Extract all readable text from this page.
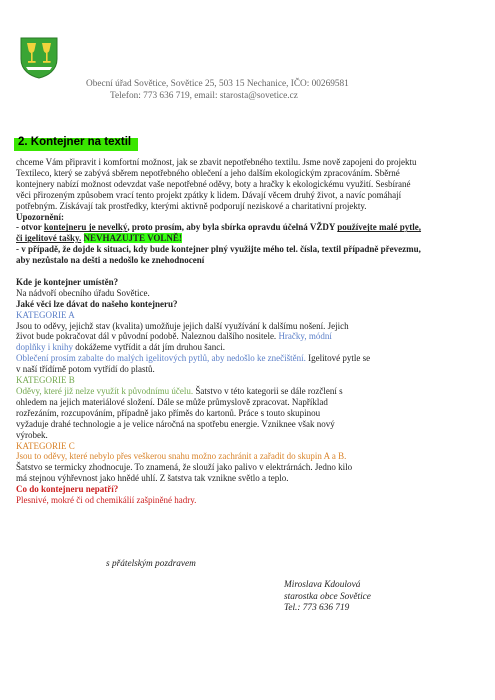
Obecní úřad Sovětice, Sovětice 25, 503 15 Nechanice, IČO: 00269581
Telefon: 773 636 719, email: starosta@sovetice.cz
2. Kontejner na textil
chceme Vám připravit i komfortní možnost, jak se zbavit nepotřebného textilu. Jsme nově zapojeni do projektu
Textileco, který se zabývá sběrem nepotřebného oblečení a jeho dalším ekologickým zpracováním. Sběrné
kontejnery nabízí možnost odevzdat vaše nepotřebné oděvy, boty a hračky k ekologickému využití. Sesbírané
věci přirozeným způsobem vrací tento projekt zpátky k lidem. Dávají věcem druhý život, a navíc pomáhají
potřebným. Získávají tak prostředky, kterými aktivně podporují neziskové a charitativní projekty.
Upozornění:
- otvor kontejneru je nevelký, proto prosím, aby byla sbírka opravdu účelná VŽDY používejte malé pytle,
či igelitové tašky. NEVHAZUJTE VOLNĚ!
- v případě, že dojde k situaci, kdy bude kontejner plný využijte mého tel. čísla, textil případně převezmu,
aby nezůstalo na dešti a nedošlo ke znehodnocení
Kde je kontejner umístěn?
Na nádvoří obecního úřadu Sovětice.
Jaké věci lze dávat do našeho kontejneru?
KATEGORIE A
Jsou to oděvy, jejichž stav (kvalita) umožňuje jejich další využívání k dalšímu nošení. Jejich
život bude pokračovat dál v původní podobě. Naleznou dalšího nositele. Hračky, módní
doplňky i knihy dokážeme vytřídit a dát jím druhou šanci.
Oblečení prosím zabalte do malých igelitových pytlů, aby nedošlo ke znečištění. Igelitové pytle se
v naší třídírně potom vytřídí do plastů.
KATEGORIE B
Oděvy, které již nelze využít k původnímu účelu. Šatstvo v této kategorii se dále rozčlení s
ohledem na jejich materiálové složení. Dále se může průmyslově zpracovat. Například
rozřezáním, rozcupováním, případně jako příměs do kartonů. Práce s touto skupinou
vyžaduje drahé technologie a je velice náročná na spotřebu energie. Vzniknee však nový
výrobek.
KATEGORIE C
Jsou to oděvy, které nebylo přes veškerou snahu možno zachránit a zařadit do skupin A a B.
Šatstvo se termicky zhodnocuje. To znamená, že slouží jako palivo v elektrárnách. Jedno kilo
má stejnou výhřevnost jako hnědé uhlí. Z šatstva tak vznikne světlo a teplo.
Co do kontejneru nepatří?
Plesnivé, mokré či od chemikálií zašpiněné hadry.
s přátelským pozdravem
Miroslava Kdoulová
starostka obce Sovětice
Tel.: 773 636 719
